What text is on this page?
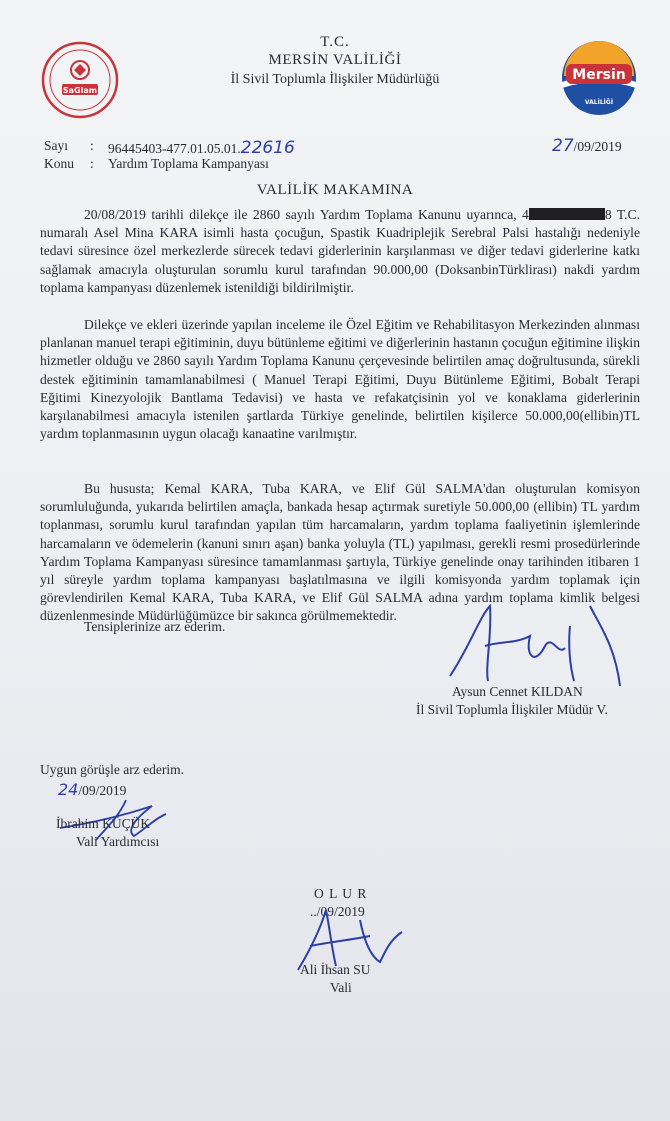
SaGlam
Mersin
VALİLİĞİ
T.C.
MERSİN VALİLİĞİ
İl Sivil Toplumla İlişkiler Müdürlüğü
Sayı : 96445403-477.01.05.01.22616	27/09/2019
Konu : Yardım Toplama Kampanyası
VALİLİK MAKAMINA

20/08/2019 tarihli dilekçe ile 2860 sayılı Yardım Toplama Kanunu uyarınca, 4	8 T.C. numaralı Asel Mina KARA isimli hasta çocuğun, Spastik Kuadriplejik Serebral Palsi hastalığı nedeniyle tedavi süresince özel merkezlerde sürecek tedavi giderlerinin karşılanması ve diğer tedavi giderlerine katkı sağlamak amacıyla oluşturulan sorumlu kurul tarafından 90.000,00 (DoksanbinTürklirası) nakdi yardım toplama kampanyası düzenlemek istenildiği bildirilmiştir.

Dilekçe ve ekleri üzerinde yapılan inceleme ile Özel Eğitim ve Rehabilitasyon Merkezinden alınması planlanan manuel terapi eğitiminin, duyu bütünleme eğitimi ve diğerlerinin hastanın çocuğun eğitimine ilişkin hizmetler olduğu ve 2860 sayılı Yardım Toplama Kanunu çerçevesinde belirtilen amaç doğrultusunda, sürekli destek eğitiminin tamamlanabilmesi ( Manuel Terapi Eğitimi, Duyu Bütünleme Eğitimi, Bobalt Terapi Eğitimi Kinezyolojik Bantlama Tedavisi) ve hasta ve refakatçisinin yol ve konaklama giderlerinin karşılanabilmesi amacıyla istenilen şartlarda Türkiye genelinde, belirtilen kişilerce 50.000,00(ellibin)TL yardım toplanmasının uygun olacağı kanaatine varılmıştır.

Bu hususta; Kemal KARA, Tuba KARA, ve Elif Gül SALMA'dan oluşturulan komisyon sorumluluğunda, yukarıda belirtilen amaçla, bankada hesap açtırmak suretiyle 50.000,00 (ellibin) TL yardım toplanması, sorumlu kurul tarafından yapılan tüm harcamaların, yardım toplama faaliyetinin işlemlerinde harcamaların ve ödemelerin (kanuni sınırı aşan) banka yoluyla (TL) yapılması, gerekli resmi prosedürlerinde Yardım Toplama Kampanyası süresince tamamlanması şartıyla, Türkiye genelinde onay tarihinden itibaren 1 yıl süreyle yardım toplama kampanyası başlatılmasına ve ilgili komisyonda yardım toplamak için görevlendirilen Kemal KARA, Tuba KARA, ve Elif Gül SALMA adına yardım toplama kimlik belgesi düzenlenmesinde Müdürlüğümüzce bir sakınca görülmemektedir.

Tensiplerinize arz ederim.

Aysun Cennet KILDAN
İl Sivil Toplumla İlişkiler Müdür V.
Uygun görüşle arz ederim.
24/09/2019
İbrahim KÜÇÜK
Vali Yardımcısı
O L U R
../09/2019
Ali İhsan SU
Vali
